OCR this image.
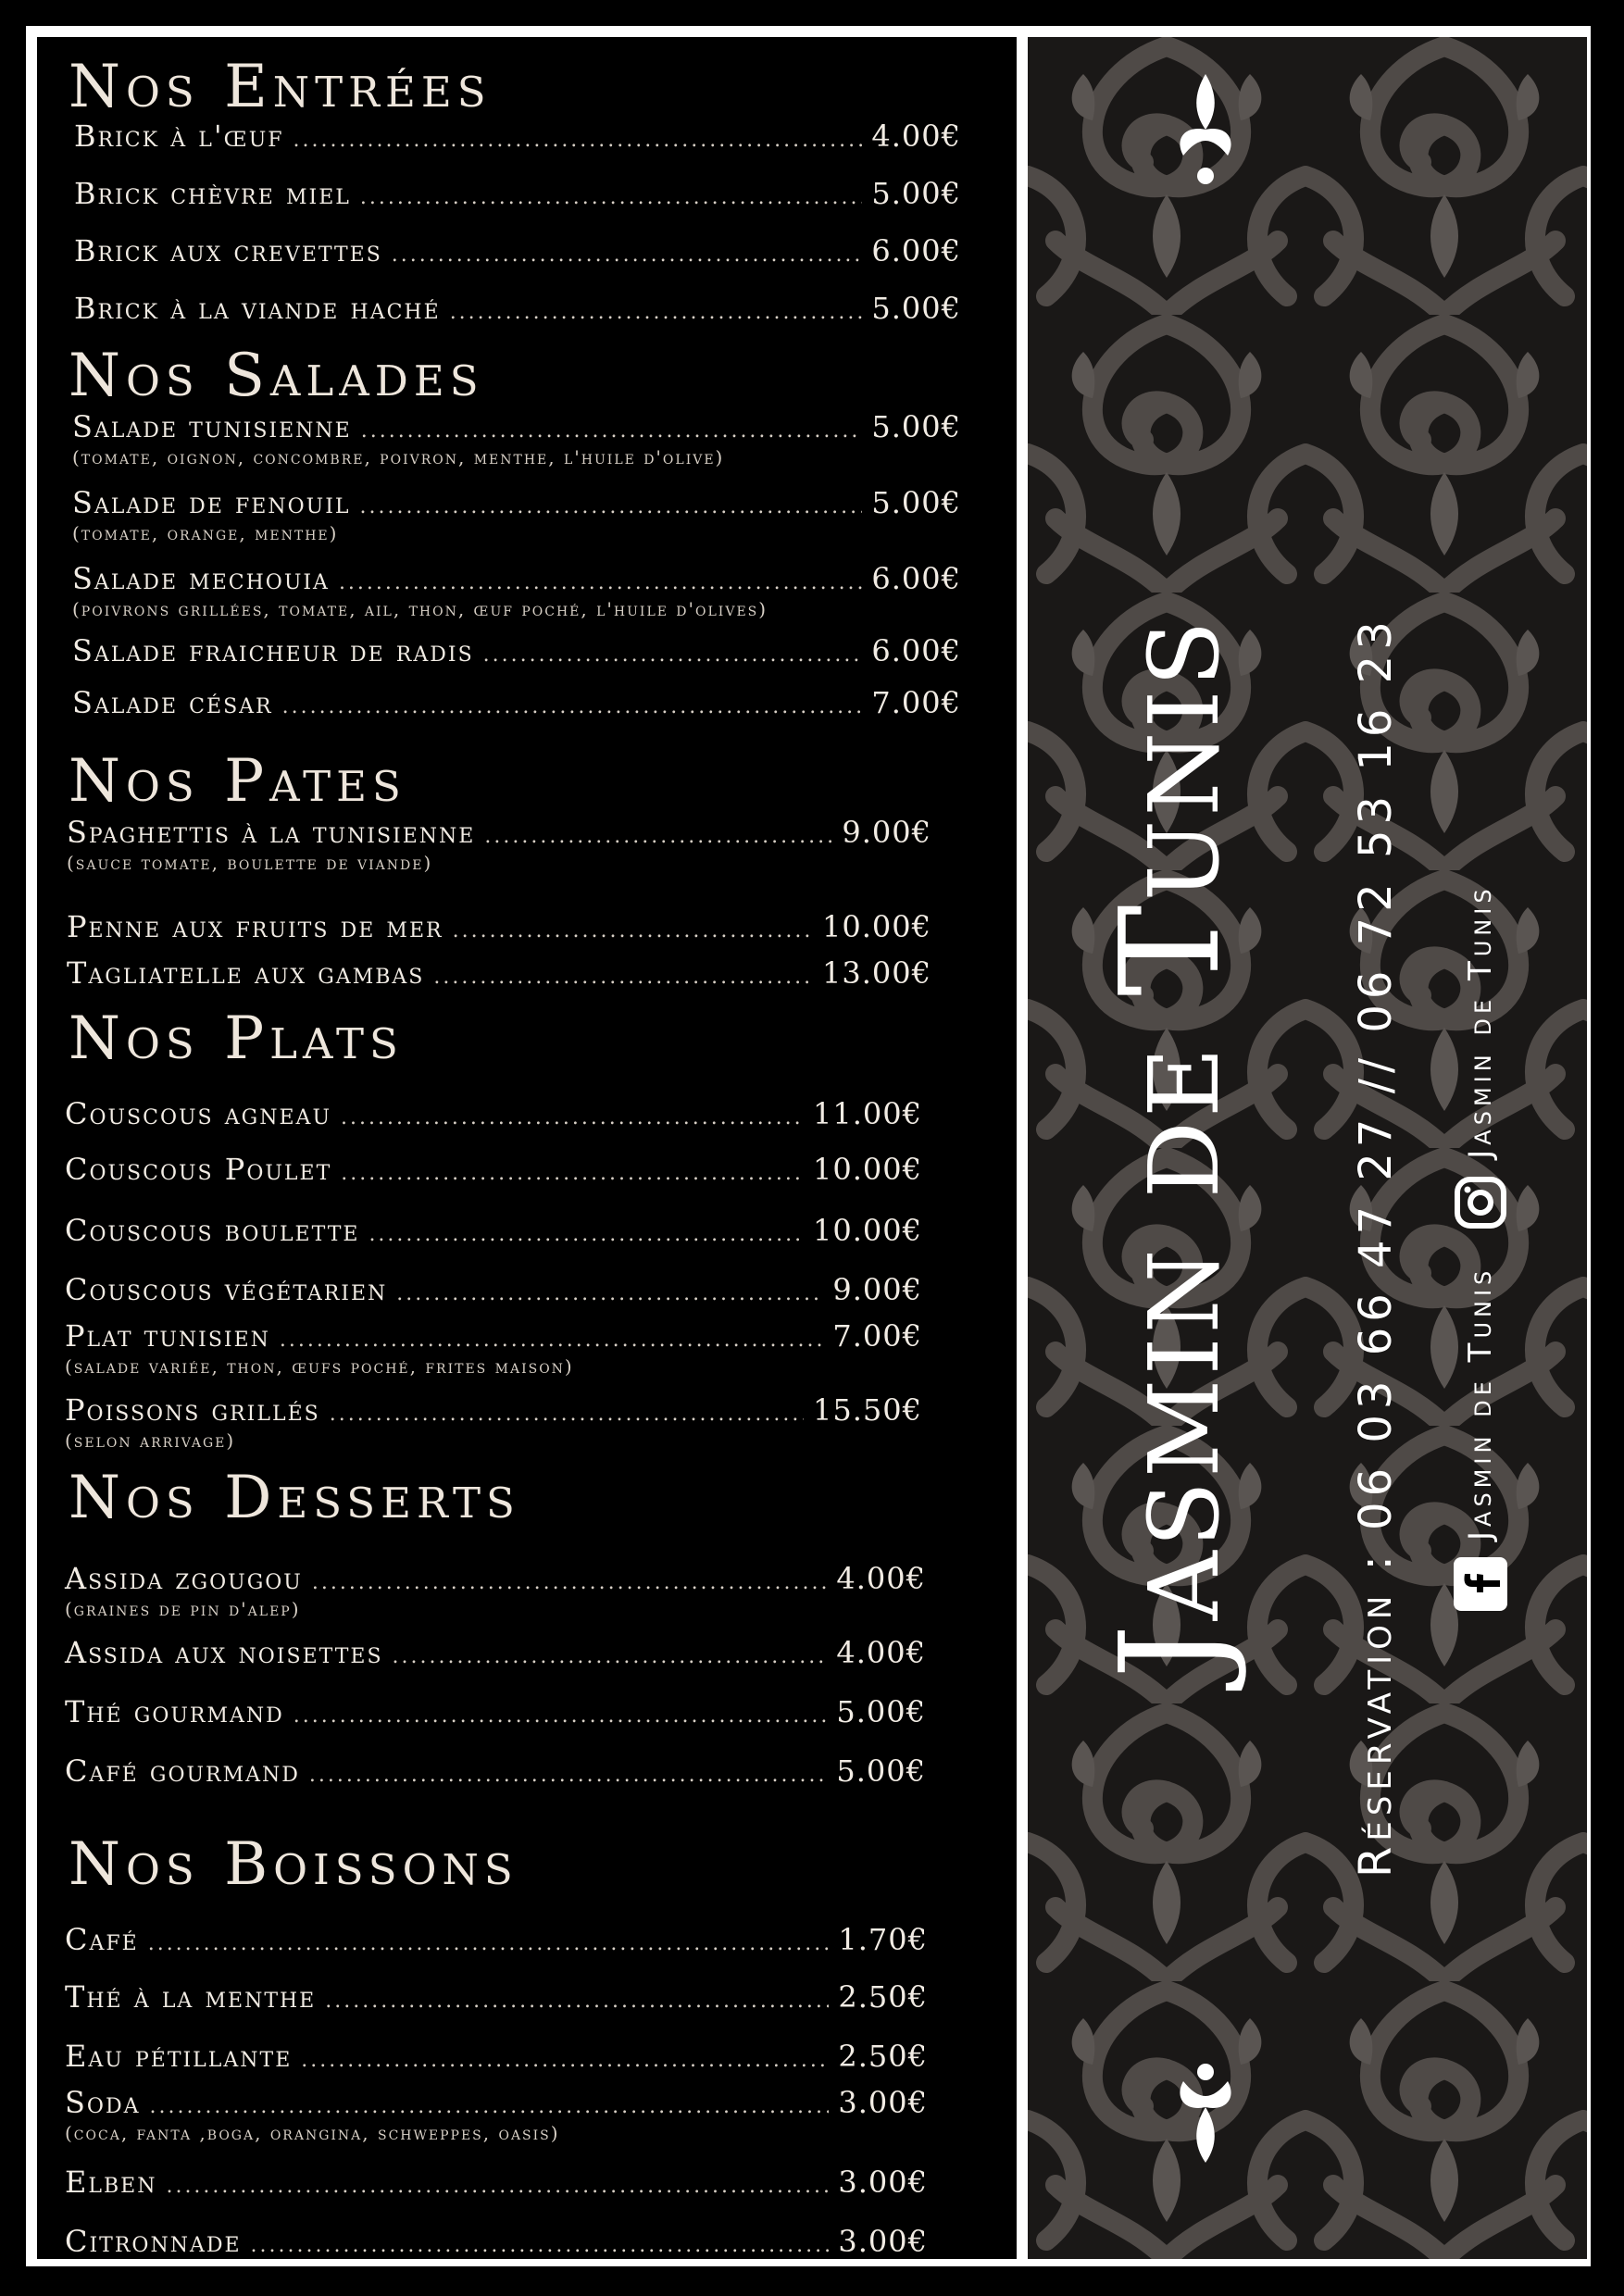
Nos Entrées
Brick à l'œuf .....	4.00€
Brick chèvre miel .....	5.00€
Brick aux crevettes .....	6.00€
Brick à la viande haché .....	5.00€
Nos Salades
Salade tunisienne .....	5.00€
(tomate, oignon, concombre, poivron, menthe, l'huile d'olive)
Salade de fenouil .....	5.00€
(tomate, orange, menthe)
Salade mechouia .....	6.00€
(poivrons grillées, tomate, ail, thon, œuf poché, l'huile d'olives)
Salade fraicheur de radis .....	6.00€
Salade césar .....	7.00€
Nos Pates
Spaghettis à la tunisienne .....	9.00€
(sauce tomate, boulette de viande)
Penne aux fruits de mer .....	10.00€
Tagliatelle aux gambas .....	13.00€
Nos Plats
Couscous agneau .....	11.00€
Couscous Poulet .....	10.00€
Couscous boulette .....	10.00€
Couscous végétarien .....	9.00€
Plat tunisien .....	7.00€
(salade variée, thon, œufs poché, frites maison)
Poissons grillés .....	15.50€
(selon arrivage)
Nos Desserts
Assida zgougou .....	4.00€
(graines de pin d'alep)
Assida aux noisettes .....	4.00€
Thé gourmand .....	5.00€
Café gourmand .....	5.00€
Nos Boissons
Café .....	1.70€
Thé à la menthe .....	2.50€
Eau pétillante .....	2.50€
Soda .....	3.00€
(coca, fanta ,boga, orangina, schweppes, oasis)
Elben .....	3.00€
Citronnade .....	3.00€
Jasmin de Tunis Réservation : 06 03 66 47 27 // 06 72 53 16 23 Jasmin de Tunis
Jasmin de Tunis
